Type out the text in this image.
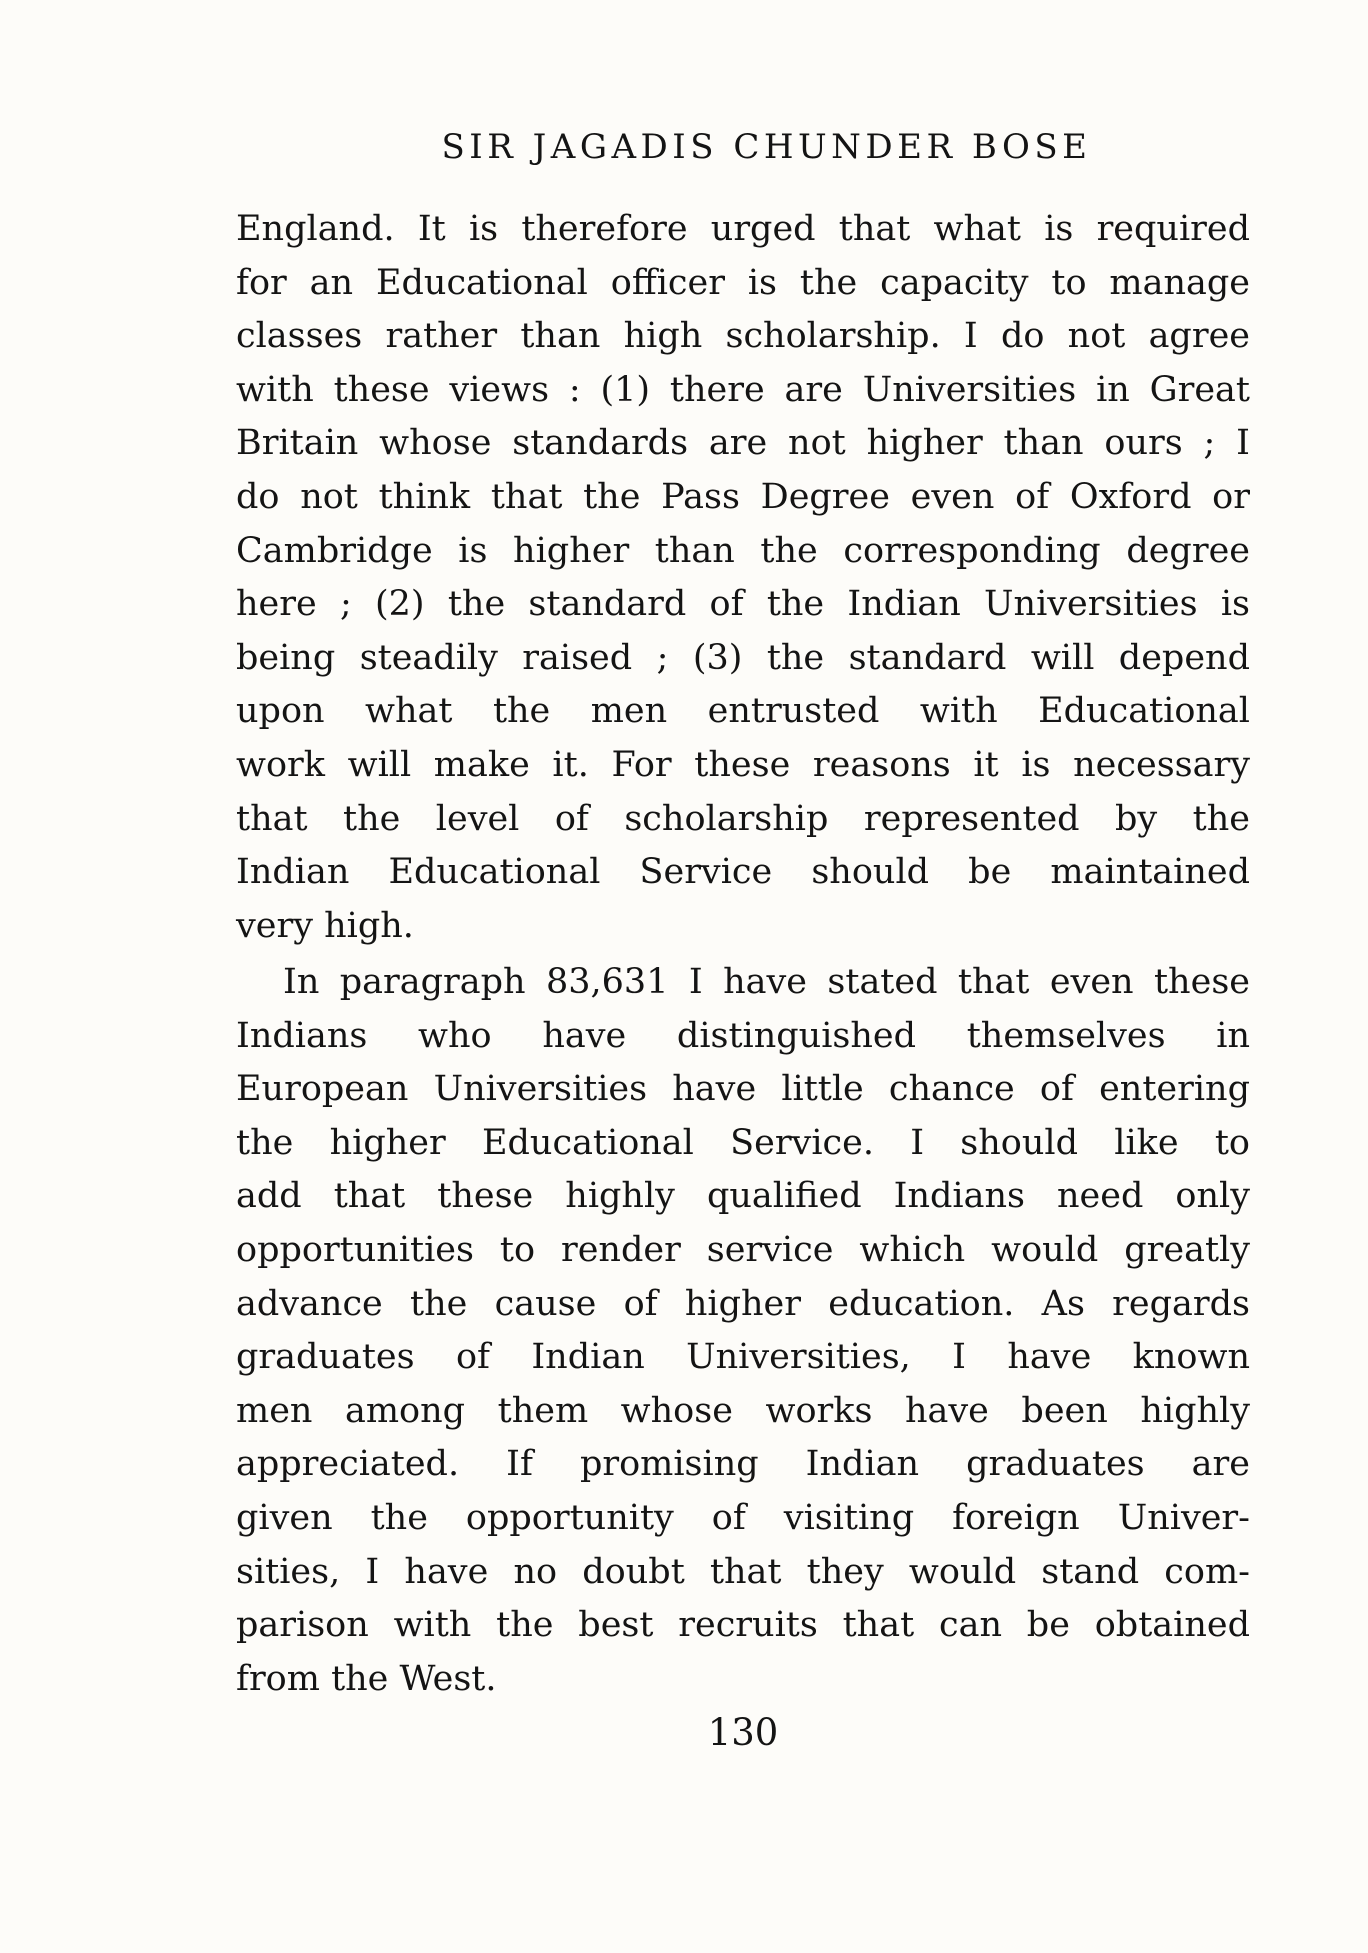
SIR JAGADIS CHUNDER BOSE
England. It is therefore urged that what is required
for an Educational officer is the capacity to manage
classes rather than high scholarship. I do not agree
with these views : (1) there are Universities in Great
Britain whose standards are not higher than ours ; I
do not think that the Pass Degree even of Oxford or
Cambridge is higher than the corresponding degree
here ; (2) the standard of the Indian Universities is
being steadily raised ; (3) the standard will depend
upon what the men entrusted with Educational
work will make it. For these reasons it is necessary
that the level of scholarship represented by the
Indian Educational Service should be maintained
very high.
In paragraph 83,631 I have stated that even these
Indians who have distinguished themselves in
European Universities have little chance of entering
the higher Educational Service. I should like to
add that these highly qualified Indians need only
opportunities to render service which would greatly
advance the cause of higher education. As regards
graduates of Indian Universities, I have known
men among them whose works have been highly
appreciated. If promising Indian graduates are
given the opportunity of visiting foreign Univer-
sities, I have no doubt that they would stand com-
parison with the best recruits that can be obtained
from the West.
130
